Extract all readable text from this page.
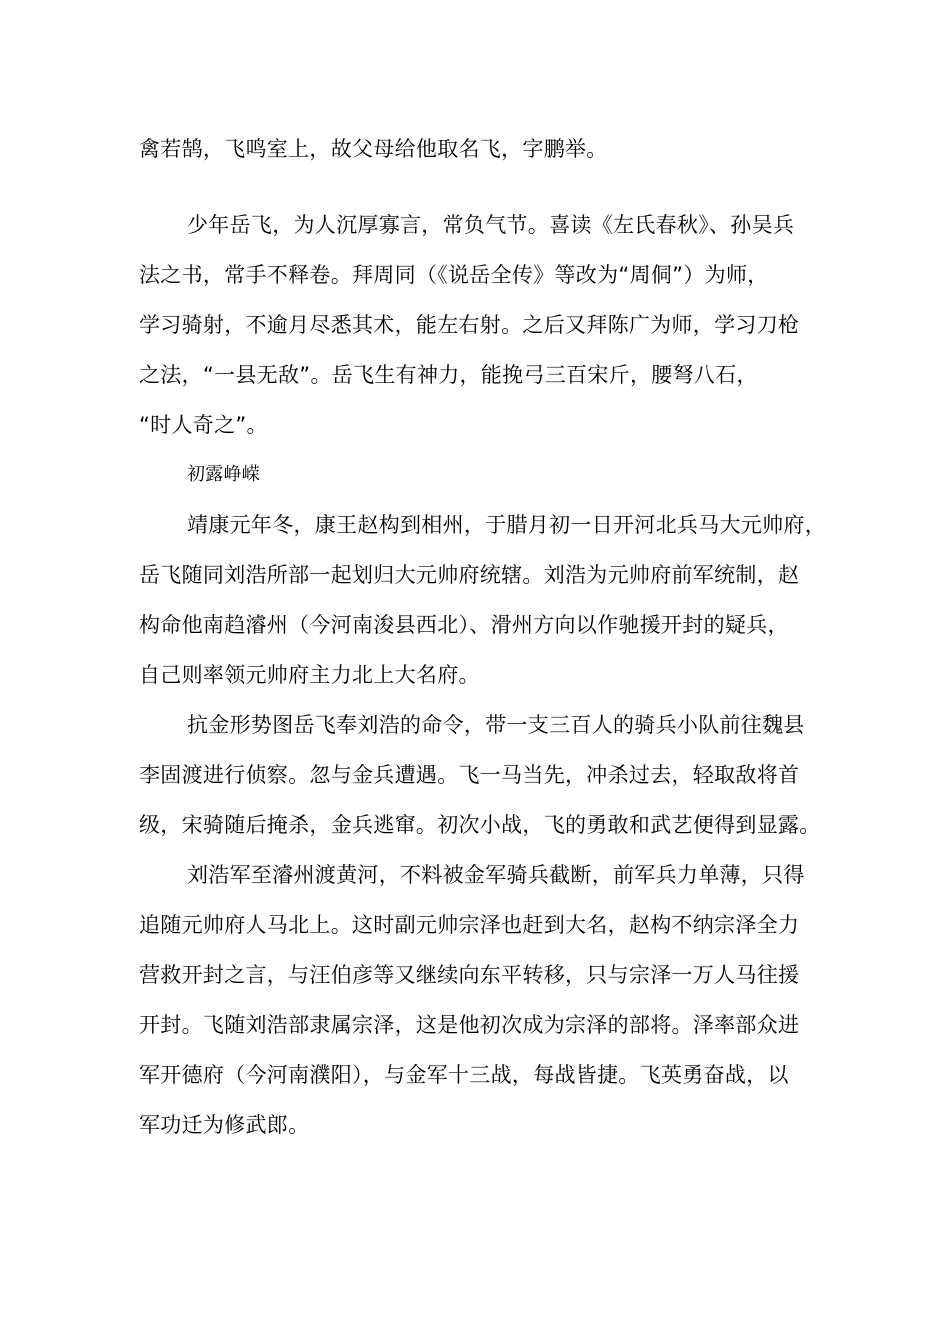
禽若鹄，飞鸣室上，故父母给他取名飞，字鹏举。
少年岳飞，为人沉厚寡言，常负气节。喜读《左氏春秋》、孙吴兵
法之书，常手不释卷。拜周同（《说岳全传》等改为“周侗”）为师，
学习骑射，不逾月尽悉其术，能左右射。之后又拜陈广为师，学习刀枪
之法，“一县无敌”。岳飞生有神力，能挽弓三百宋斤，腰弩八石，
“时人奇之”。
初露峥嵘
靖康元年冬，康王赵构到相州，于腊月初一日开河北兵马大元帅府，
岳飞随同刘浩所部一起划归大元帅府统辖。刘浩为元帅府前军统制，赵
构命他南趋濬州（今河南浚县西北）、滑州方向以作驰援开封的疑兵，
自己则率领元帅府主力北上大名府。
抗金形势图岳飞奉刘浩的命令，带一支三百人的骑兵小队前往魏县
李固渡进行侦察。忽与金兵遭遇。飞一马当先，冲杀过去，轻取敌将首
级，宋骑随后掩杀，金兵逃窜。初次小战，飞的勇敢和武艺便得到显露。
刘浩军至濬州渡黄河，不料被金军骑兵截断，前军兵力单薄，只得
追随元帅府人马北上。这时副元帅宗泽也赶到大名，赵构不纳宗泽全力
营救开封之言，与汪伯彦等又继续向东平转移，只与宗泽一万人马往援
开封。飞随刘浩部隶属宗泽，这是他初次成为宗泽的部将。泽率部众进
军开德府（今河南濮阳），与金军十三战，每战皆捷。飞英勇奋战，以
军功迁为修武郎。
